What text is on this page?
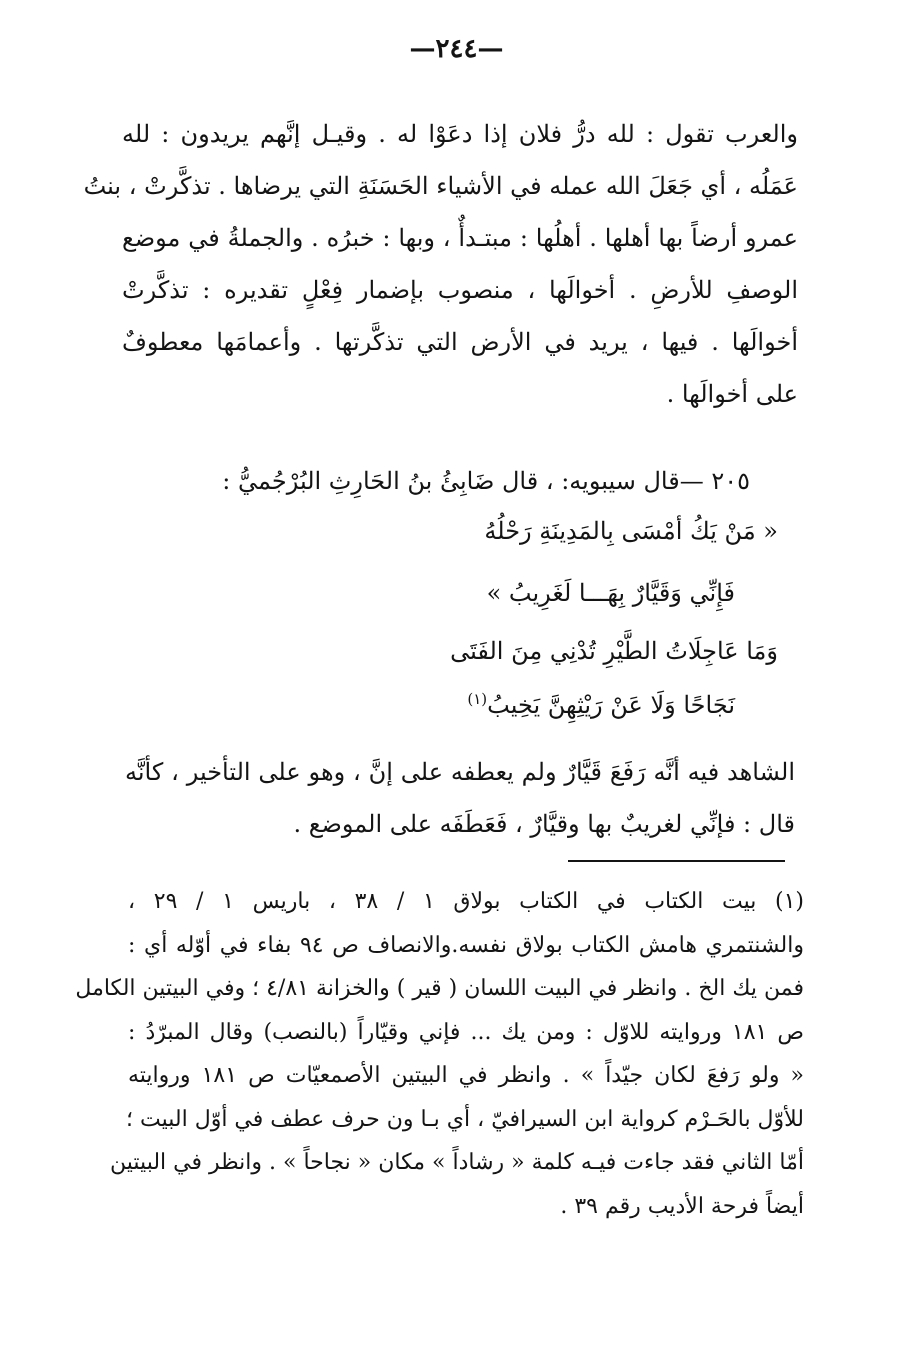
—٢٤٤—
والعرب تقول : لله درُّ فلان إذا دعَوْا له . وقيـل إنَّهم يريدون : لله
عَمَلُه ، أي جَعَلَ الله عمله في الأشياء الحَسَنَةِ التي يرضاها . تذكَّرتْ ، بنتُ
عمرو أرضاً بها أهلها . أهلُها : مبتـدأٌ ، وبها : خبرُه . والجملةُ في موضع
الوصفِ للأرضِ . أخوالَها ، منصوب بإضمار فِعْلٍ تقديره : تذكَّرتْ
أخوالَها . فيها ، يريد في الأرض التي تذكَّرتها . وأعمامَها معطوفٌ
على أخوالَها .
٢٠٥ —قال سيبويه: ، قال ضَابِئُ بنُ الحَارِثِ البُرْجُميُّ :
« مَنْ يَكُ أمْسَى بِالمَدِينَةِ رَحْلُهُ
فَإِنِّي وَقَيَّارٌ بِهَـــا لَغَرِيبُ »
وَمَا عَاجِلَاتُ الطَّيْرِ تُدْنِي مِنَ الفَتَى
نَجَاحًا وَلَا عَنْ رَيْثِهِنَّ يَخِيبُ$^{(١)}$
الشاهد فيه أنَّه رَفَعَ قَيَّارٌ ولم يعطفه على إنَّ ، وهو على التأخير ، كأنَّه
قال : فإنِّي لغريبٌ بها وقيَّارٌ ، فَعَطَفَه على الموضع .
(١) بيت الكتاب في الكتاب بولاق ١ / ٣٨ ، باريس ١ / ٢٩ ،
والشنتمري هامش الكتاب بولاق نفسه.والانصاف ص ٩٤ بفاء في أوّله أي :
فمن يك الخ . وانظر في البيت اللسان ( قير ) والخزانة ٤/٨١ ؛ وفي البيتين الكامل
ص ١٨١ وروايته للاوّل : ومن يك ... فإني وقيّاراً (بالنصب) وقال المبرّدُ :
« ولو رَفعَ لكان جيّداً » . وانظر في البيتين الأصمعيّات ص ١٨١ وروايته
للأوّل بالحَـرْم كرواية ابن السيرافيّ ، أي بـا ون حرف عطف في أوّل البيت ؛
أمّا الثاني فقد جاءت فيـه كلمة « رشاداً » مكان « نجاحاً » . وانظر في البيتين
أيضاً فرحة الأديب رقم ٣٩ .
